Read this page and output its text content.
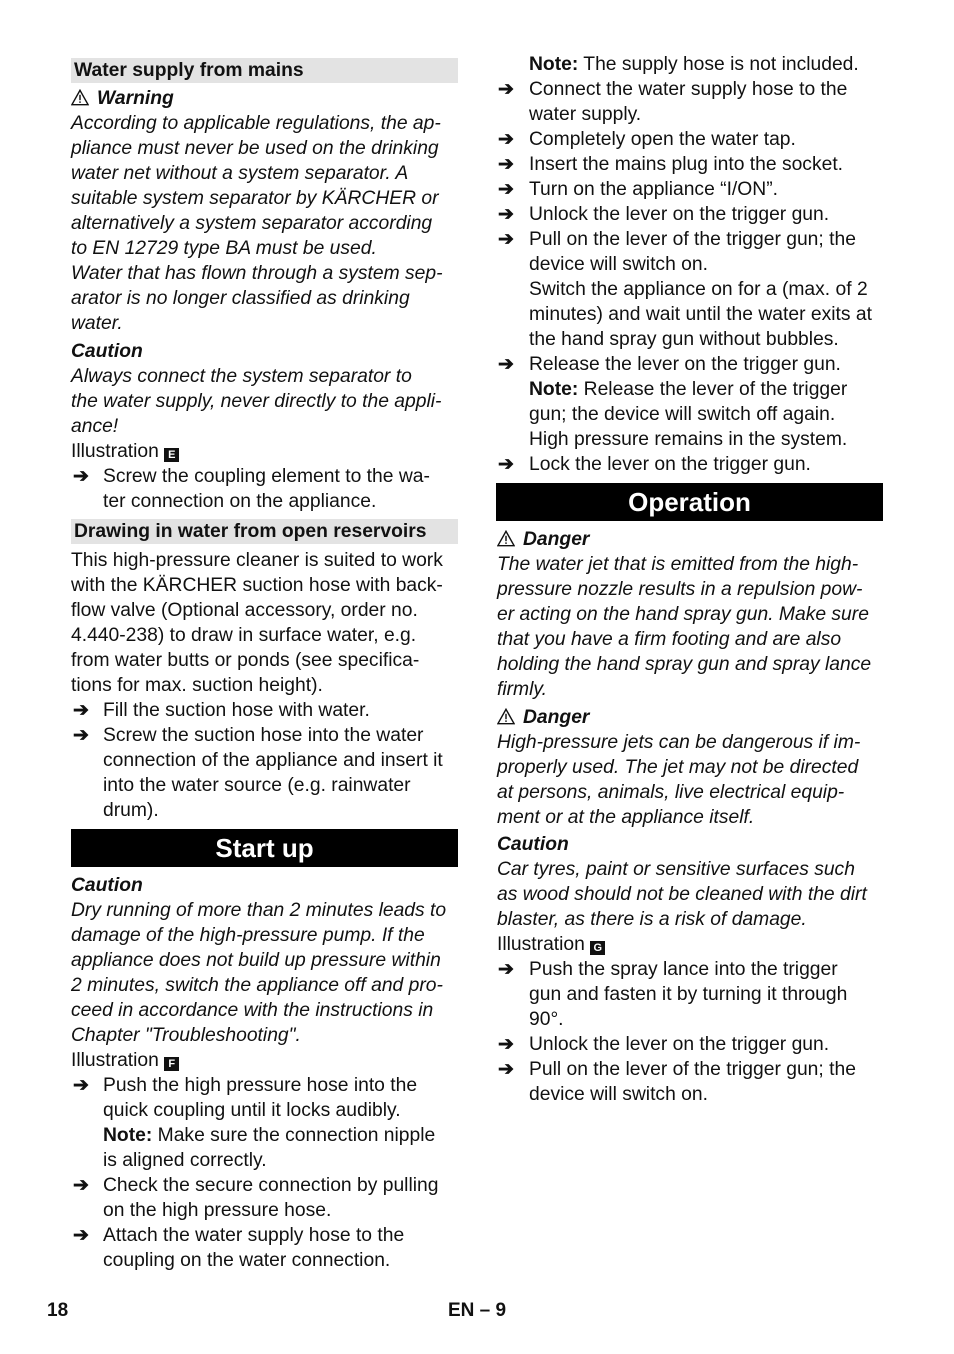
Water supply from mains
Warning
According to applicable regulations, the ap-
pliance must never be used on the drinking
water net without a system separator. A
suitable system separator by KÄRCHER or
alternatively a system separator according
to EN 12729 type BA must be used.
Water that has flown through a system sep-
arator is no longer classified as drinking
water.
Caution
Always connect the system separator to
the water supply, never directly to the appli-
ance!
Illustration E
➔ Screw the coupling element to the wa-
ter connection on the appliance.
Drawing in water from open reservoirs
This high-pressure cleaner is suited to work
with the KÄRCHER suction hose with back-
flow valve (Optional accessory, order no.
4.440-238) to draw in surface water, e.g.
from water butts or ponds (see specifica-
tions for max. suction height).
➔ Fill the suction hose with water.
➔ Screw the suction hose into the water
connection of the appliance and insert it
into the water source (e.g. rainwater
drum).
Start up
Caution
Dry running of more than 2 minutes leads to
damage of the high-pressure pump. If the
appliance does not build up pressure within
2 minutes, switch the appliance off and pro-
ceed in accordance with the instructions in
Chapter "Troubleshooting".
Illustration F
➔ Push the high pressure hose into the
quick coupling until it locks audibly.
Note: Make sure the connection nipple
is aligned correctly.
➔ Check the secure connection by pulling
on the high pressure hose.
➔ Attach the water supply hose to the
coupling on the water connection.
Note: The supply hose is not included.
➔ Connect the water supply hose to the
water supply.
➔ Completely open the water tap.
➔ Insert the mains plug into the socket.
➔ Turn on the appliance “I/ON”.
➔ Unlock the lever on the trigger gun.
➔ Pull on the lever of the trigger gun; the
device will switch on.
Switch the appliance on for a (max. of 2
minutes) and wait until the water exits at
the hand spray gun without bubbles.
➔ Release the lever on the trigger gun.
Note: Release the lever of the trigger
gun; the device will switch off again.
High pressure remains in the system.
➔ Lock the lever on the trigger gun.
Operation
Danger
The water jet that is emitted from the high-
pressure nozzle results in a repulsion pow-
er acting on the hand spray gun. Make sure
that you have a firm footing and are also
holding the hand spray gun and spray lance
firmly.
Danger
High-pressure jets can be dangerous if im-
properly used. The jet may not be directed
at persons, animals, live electrical equip-
ment or at the appliance itself.
Caution
Car tyres, paint or sensitive surfaces such
as wood should not be cleaned with the dirt
blaster, as there is a risk of damage.
Illustration G
➔ Push the spray lance into the trigger
gun and fasten it by turning it through
90°.
➔ Unlock the lever on the trigger gun.
➔ Pull on the lever of the trigger gun; the
device will switch on.
18	EN – 9
